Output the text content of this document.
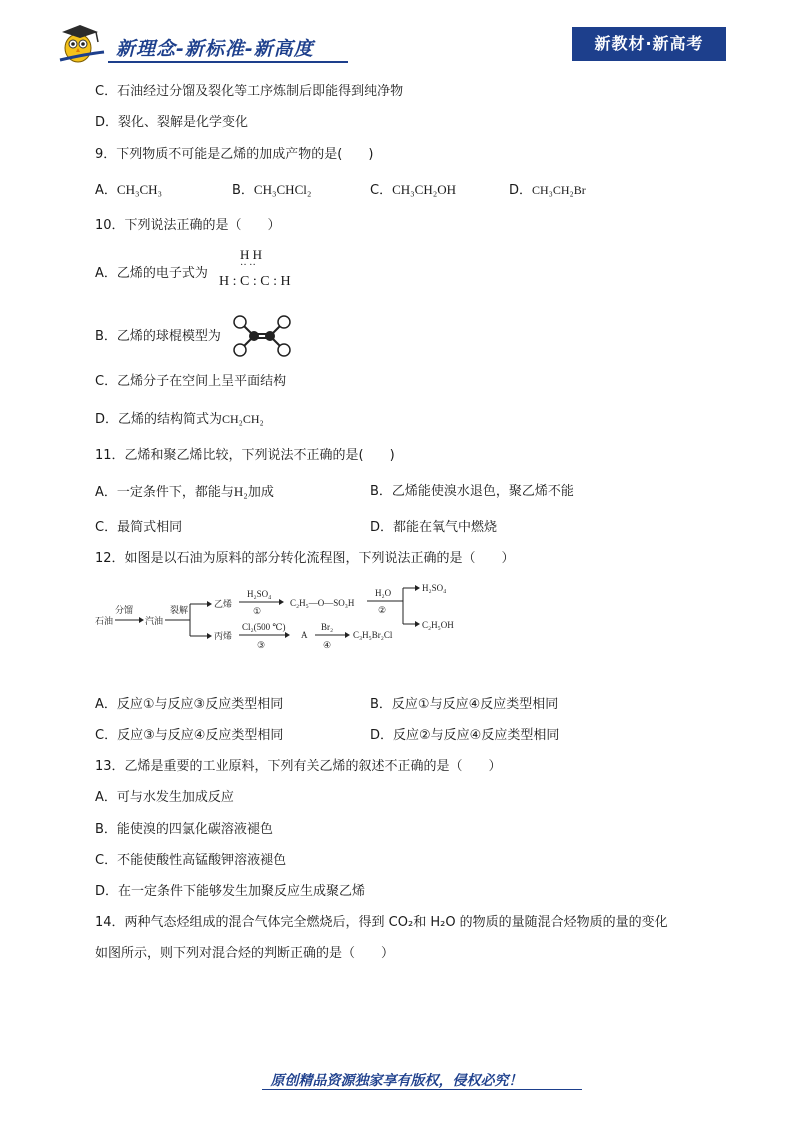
新理念-新标准-新高度	新教材·新高考
C．石油经过分馏及裂化等工序炼制后即能得到纯净物
D．裂化、裂解是化学变化
9．下列物质不可能是乙烯的加成产物的是(　　)
A．CH₃CH₃	B．CH₃CHCl₂	C．CH₃CH₂OH	D．CH₃CH₂Br
10．下列说法正确的是（　　）
A．乙烯的电子式为
H H
·· ··
H : C : C : H
B．乙烯的球棍模型为
C．乙烯分子在空间上呈平面结构
D．乙烯的结构简式为CH₂CH₂
11．乙烯和聚乙烯比较，下列说法不正确的是(　　)
A．一定条件下，都能与H₂加成	B．乙烯能使溴水退色，聚乙烯不能
C．最简式相同	D．都能在氧气中燃烧
12．如图是以石油为原料的部分转化流程图，下列说法正确的是（　　）
石油
分馏
汽油
裂解
乙烯
丙烯
H₂SO₄
①
C₂H₅—O—SO₃H
H₂O
②
H₂SO₄
C₂H₅OH
Cl₂(500 ℃)
③
A
Br₂
④
C₃H₅Br₂Cl
A．反应①与反应③反应类型相同	B．反应①与反应④反应类型相同
C．反应③与反应④反应类型相同	D．反应②与反应④反应类型相同
13．乙烯是重要的工业原料，下列有关乙烯的叙述不正确的是（　　）
A．可与水发生加成反应
B．能使溴的四氯化碳溶液褪色
C．不能使酸性高锰酸钾溶液褪色
D．在一定条件下能够发生加聚反应生成聚乙烯
14．两种气态烃组成的混合气体完全燃烧后，得到 CO₂和 H₂O 的物质的量随混合烃物质的量的变化
如图所示，则下列对混合烃的判断正确的是（　　）
原创精品资源独家享有版权，侵权必究！
